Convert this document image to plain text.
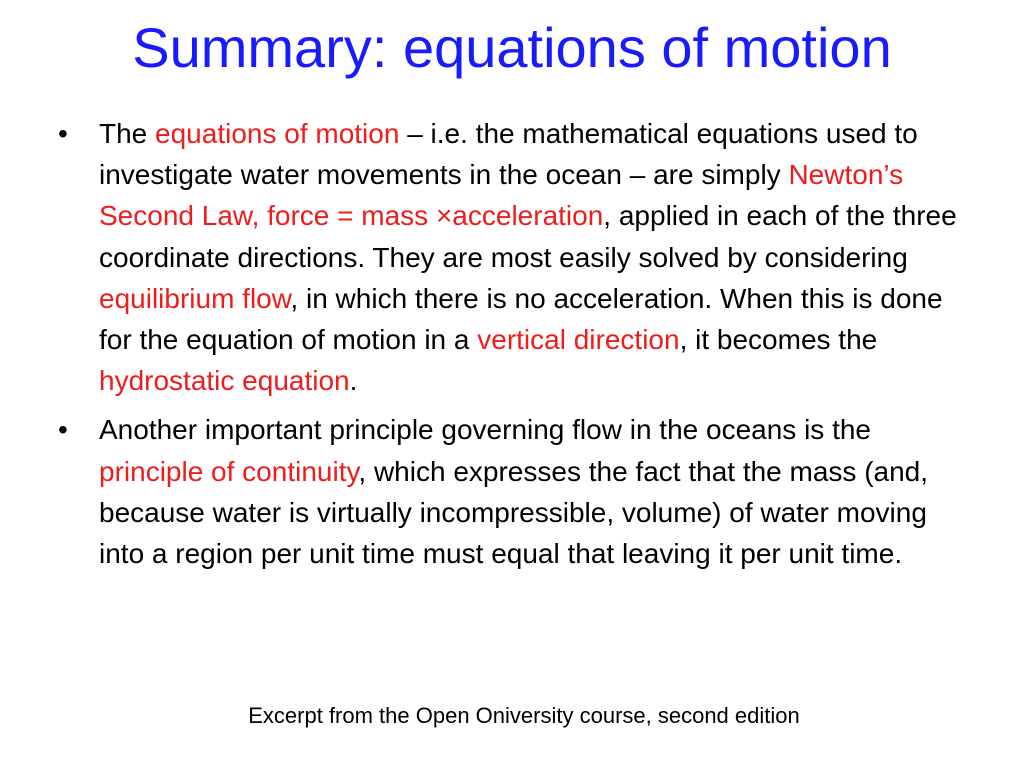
Summary: equations of motion
• The equations of motion – i.e. the mathematical equations used to investigate water movements in the ocean – are simply Newton’s Second Law, force = mass ×acceleration, applied in each of the three coordinate directions. They are most easily solved by considering equilibrium flow, in which there is no acceleration. When this is done for the equation of motion in a vertical direction, it becomes the hydrostatic equation.
• Another important principle governing flow in the oceans is the principle of continuity, which expresses the fact that the mass (and, because water is virtually incompressible, volume) of water moving into a region per unit time must equal that leaving it per unit time.

Excerpt from the Open Oniversity course, second edition
